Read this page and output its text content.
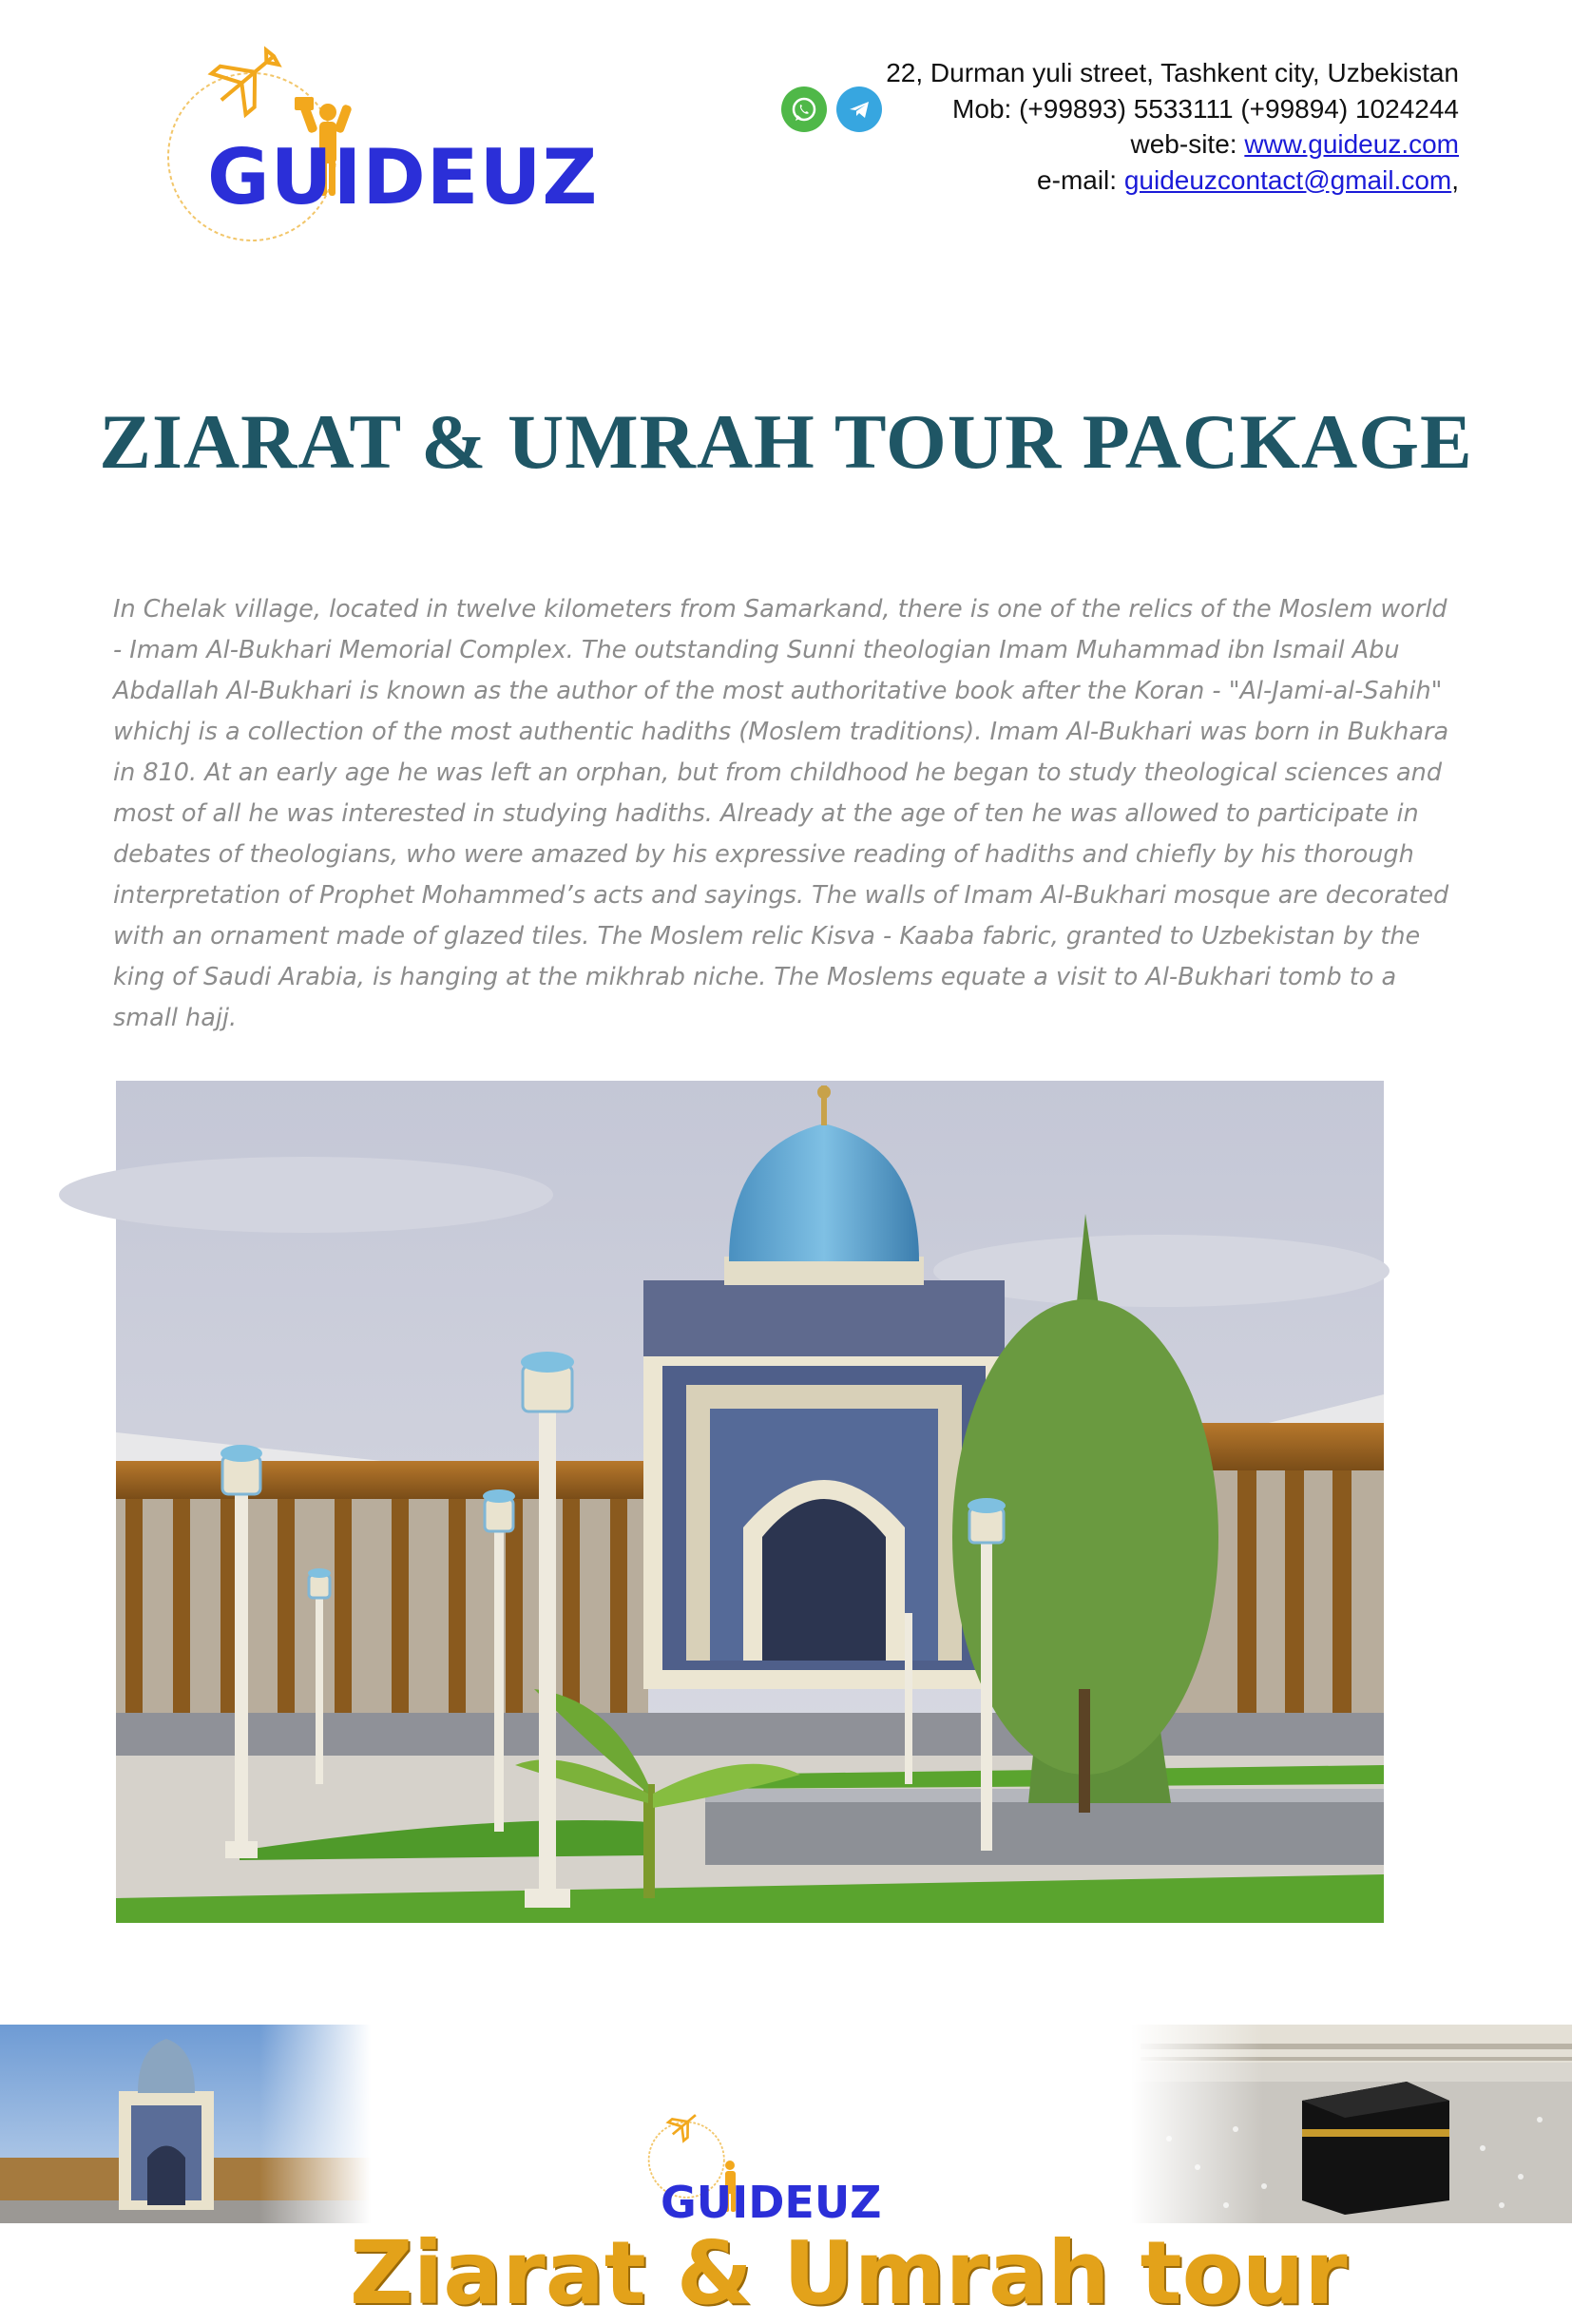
GUIDEUZ
22, Durman yuli street, Tashkent city, Uzbekistan
Mob: (+99893) 5533111 (+99894) 1024244
web-site: www.guideuz.com
e-mail: guideuzcontact@gmail.com,
ZIARAT & UMRAH TOUR PACKAGE

In Chelak village, located in twelve kilometers from Samarkand, there is one of the relics of the Moslem world - Imam Al-Bukhari Memorial Complex. The outstanding Sunni theologian Imam Muhammad ibn Ismail Abu Abdallah Al-Bukhari is known as the author of the most authoritative book after the Koran - "Al-Jami-al-Sahih" whichj is a collection of the most authentic hadiths (Moslem traditions). Imam Al-Bukhari was born in Bukhara in 810. At an early age he was left an orphan, but from childhood he began to study theological sciences and most of all he was interested in studying hadiths. Already at the age of ten he was allowed to participate in debates of theologians, who were amazed by his expressive reading of hadiths and chiefly by his thorough interpretation of Prophet Mohammed’s acts and sayings. The walls of Imam Al-Bukhari mosque are decorated with an ornament made of glazed tiles. The Moslem relic Kisva - Kaaba fabric, granted to Uzbekistan by the king of Saudi Arabia, is hanging at the mikhrab niche. The Moslems equate a visit to Al-Bukhari tomb to a small hajj.

Ziarat & Umrah tour
GUIDEUZ
